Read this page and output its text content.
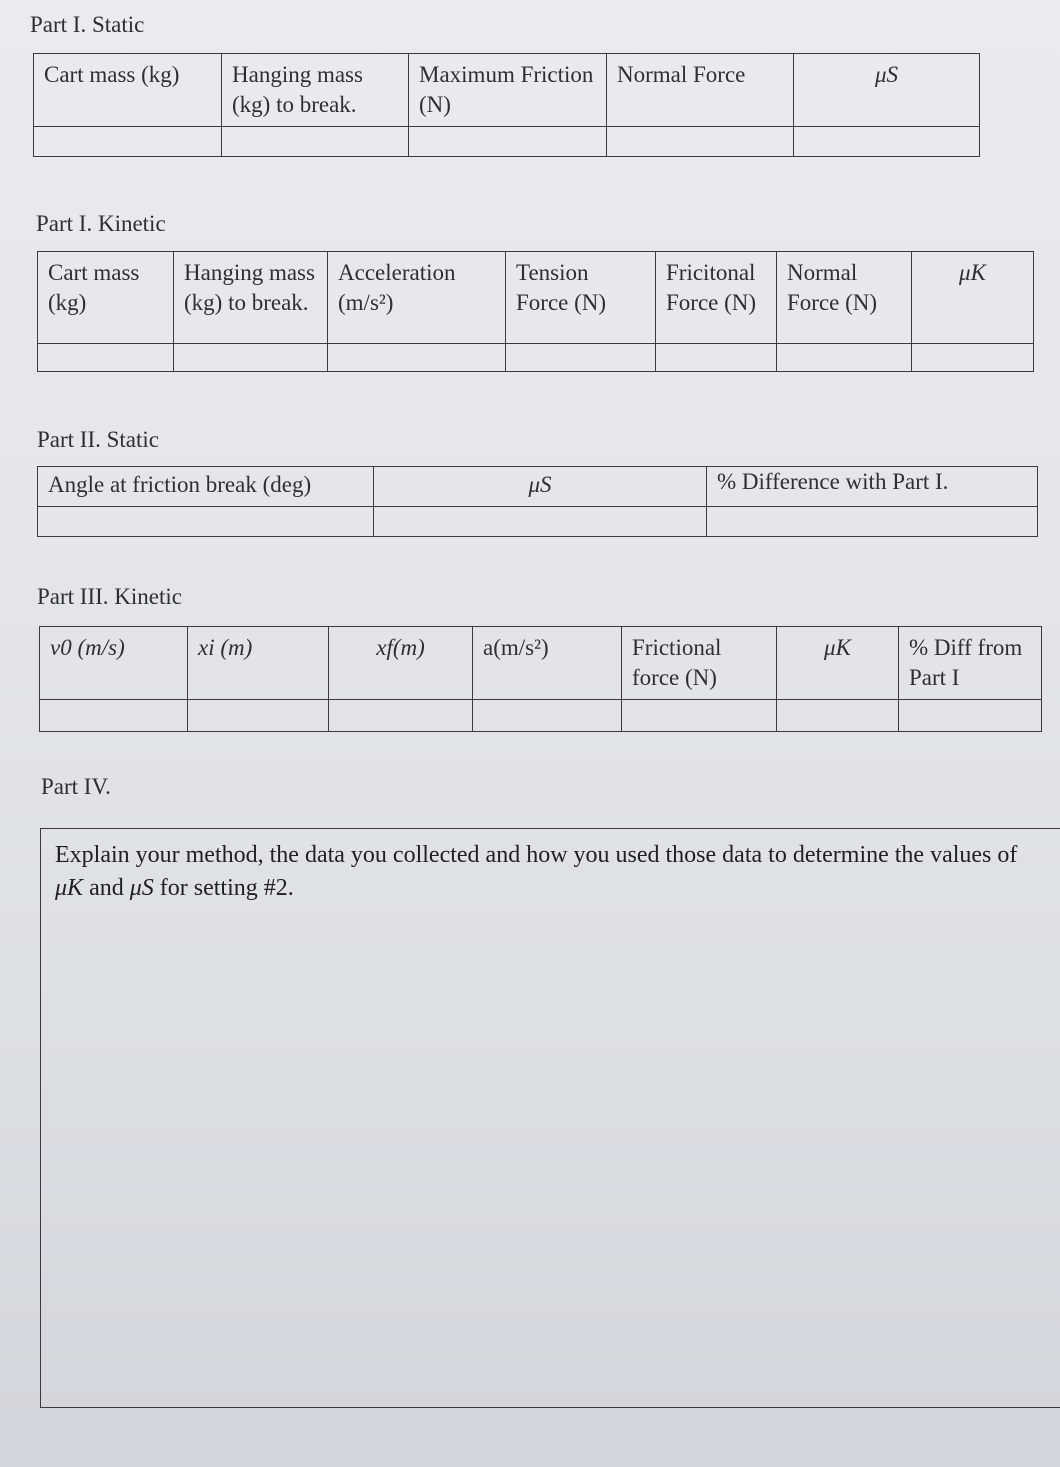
Part I. Static
Cart mass (kg)	Hanging mass (kg) to break.	Maximum Friction (N)	Normal Force	μS

Part I. Kinetic
Cart mass (kg)	Hanging mass (kg) to break.	Acceleration (m/s²)	Tension Force (N)	Fricitonal Force (N)	Normal Force (N)	μK

Part II. Static
Angle at friction break (deg)	μS	% Difference with Part I.

Part III. Kinetic
v0 (m/s)	xi (m)	xf(m)	a(m/s²)	Frictional force (N)	μK	% Diff from Part I

Part IV.
Explain your method, the data you collected and how you used those data to determine the values of μK and μS for setting #2.
